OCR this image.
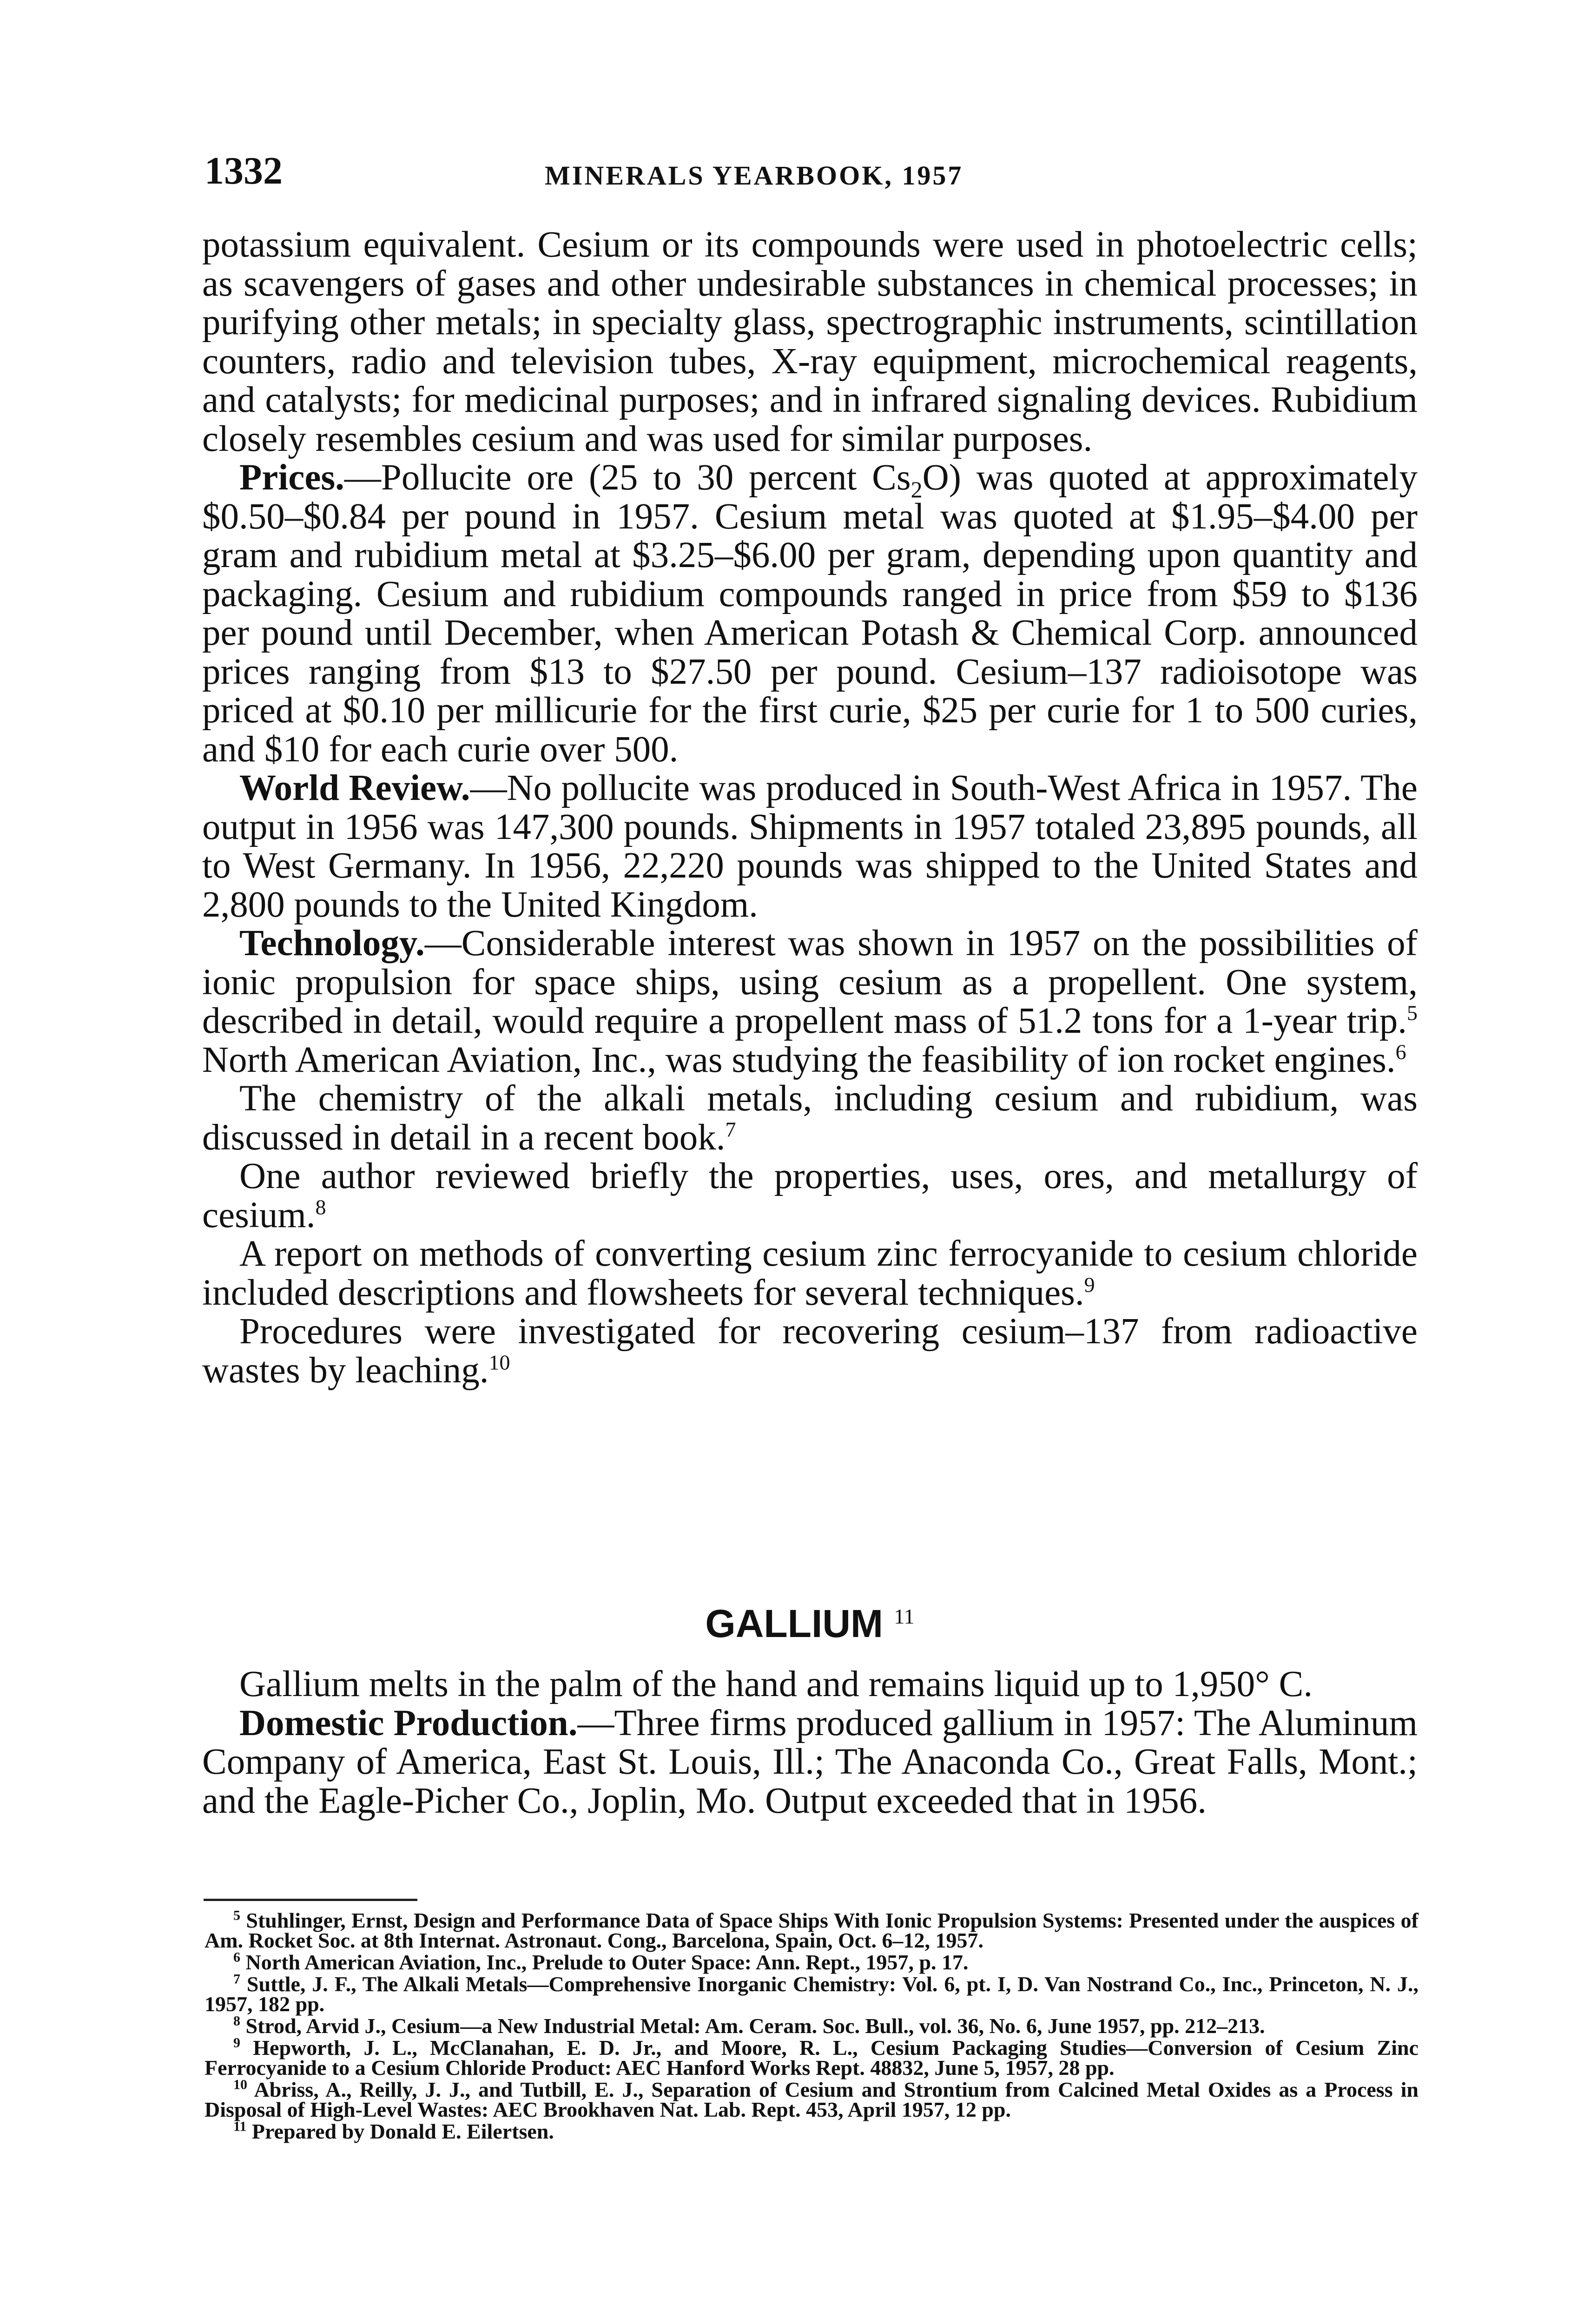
1332	MINERALS YEARBOOK, 1957

potassium equivalent. Cesium or its compounds were used in photoelectric cells; as scavengers of gases and other undesirable substances in chemical processes; in purifying other metals; in specialty glass, spectrographic instruments, scintillation counters, radio and television tubes, X-ray equipment, microchemical reagents, and catalysts; for medicinal purposes; and in infrared signaling devices. Rubidium closely resembles cesium and was used for similar purposes.

Prices.—Pollucite ore (25 to 30 percent $Cs_2O$) was quoted at approximately $0.50–$0.84 per pound in 1957. Cesium metal was quoted at $1.95–$4.00 per gram and rubidium metal at $3.25–$6.00 per gram, depending upon quantity and packaging. Cesium and rubidium compounds ranged in price from $59 to $136 per pound until December, when American Potash & Chemical Corp. announced prices ranging from $13 to $27.50 per pound. Cesium–137 radioisotope was priced at $0.10 per millicurie for the first curie, $25 per curie for 1 to 500 curies, and $10 for each curie over 500.

World Review.—No pollucite was produced in South-West Africa in 1957. The output in 1956 was 147,300 pounds. Shipments in 1957 totaled 23,895 pounds, all to West Germany. In 1956, 22,220 pounds was shipped to the United States and 2,800 pounds to the United Kingdom.

Technology.—Considerable interest was shown in 1957 on the possibilities of ionic propulsion for space ships, using cesium as a propellent. One system, described in detail, would require a propellent mass of 51.2 tons for a 1-year trip.$^5$ North American Aviation, Inc., was studying the feasibility of ion rocket engines.$^6$

The chemistry of the alkali metals, including cesium and rubidium, was discussed in detail in a recent book.$^7$

One author reviewed briefly the properties, uses, ores, and metallurgy of cesium.$^8$

A report on methods of converting cesium zinc ferrocyanide to cesium chloride included descriptions and flowsheets for several techniques.$^9$

Procedures were investigated for recovering cesium–137 from radioactive wastes by leaching.$^{10}$

GALLIUM $^{11}$

Gallium melts in the palm of the hand and remains liquid up to 1,950° C.

Domestic Production.—Three firms produced gallium in 1957: The Aluminum Company of America, East St. Louis, Ill.; The Anaconda Co., Great Falls, Mont.; and the Eagle-Picher Co., Joplin, Mo. Output exceeded that in 1956.

$^5$ Stuhlinger, Ernst, Design and Performance Data of Space Ships With Ionic Propulsion Systems: Presented under the auspices of Am. Rocket Soc. at 8th Internat. Astronaut. Cong., Barcelona, Spain, Oct. 6–12, 1957.

$^6$ North American Aviation, Inc., Prelude to Outer Space: Ann. Rept., 1957, p. 17.

$^7$ Suttle, J. F., The Alkali Metals—Comprehensive Inorganic Chemistry: Vol. 6, pt. I, D. Van Nostrand Co., Inc., Princeton, N. J., 1957, 182 pp.

$^8$ Strod, Arvid J., Cesium—a New Industrial Metal: Am. Ceram. Soc. Bull., vol. 36, No. 6, June 1957, pp. 212–213.

$^9$ Hepworth, J. L., McClanahan, E. D. Jr., and Moore, R. L., Cesium Packaging Studies—Conversion of Cesium Zinc Ferrocyanide to a Cesium Chloride Product: AEC Hanford Works Rept. 48832, June 5, 1957, 28 pp.

$^{10}$ Abriss, A., Reilly, J. J., and Tutbill, E. J., Separation of Cesium and Strontium from Calcined Metal Oxides as a Process in Disposal of High-Level Wastes: AEC Brookhaven Nat. Lab. Rept. 453, April 1957, 12 pp.

$^{11}$ Prepared by Donald E. Eilertsen.
